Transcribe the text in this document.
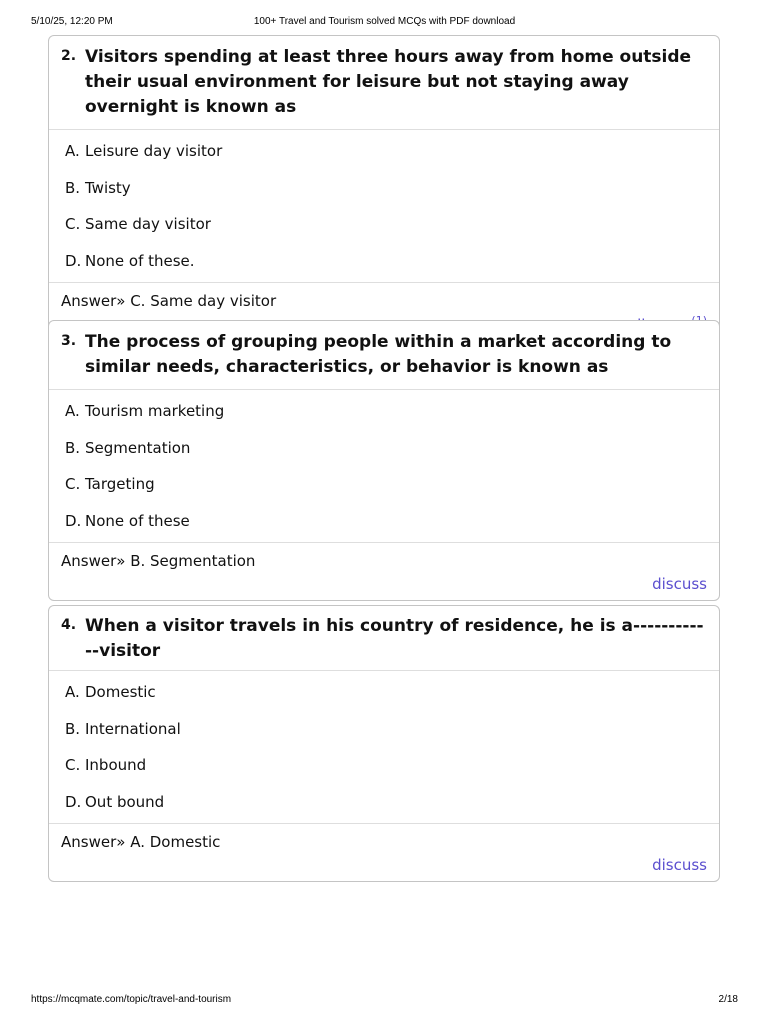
5/10/25, 12:20 PM	100+ Travel and Tourism solved MCQs with PDF download
2. Visitors spending at least three hours away from home outside their usual environment for leisure but not staying away overnight is known as
A. Leisure day visitor
B. Twisty
C. Same day visitor
D. None of these.
Answer» C. Same day visitor
3. The process of grouping people within a market according to similar needs, characteristics, or behavior is known as
A. Tourism marketing
B. Segmentation
C. Targeting
D. None of these
Answer» B. Segmentation
discuss
4. When a visitor travels in his country of residence, he is a------------visitor
A. Domestic
B. International
C. Inbound
D. Out bound
Answer» A. Domestic
discuss
https://mcqmate.com/topic/travel-and-tourism	2/18
